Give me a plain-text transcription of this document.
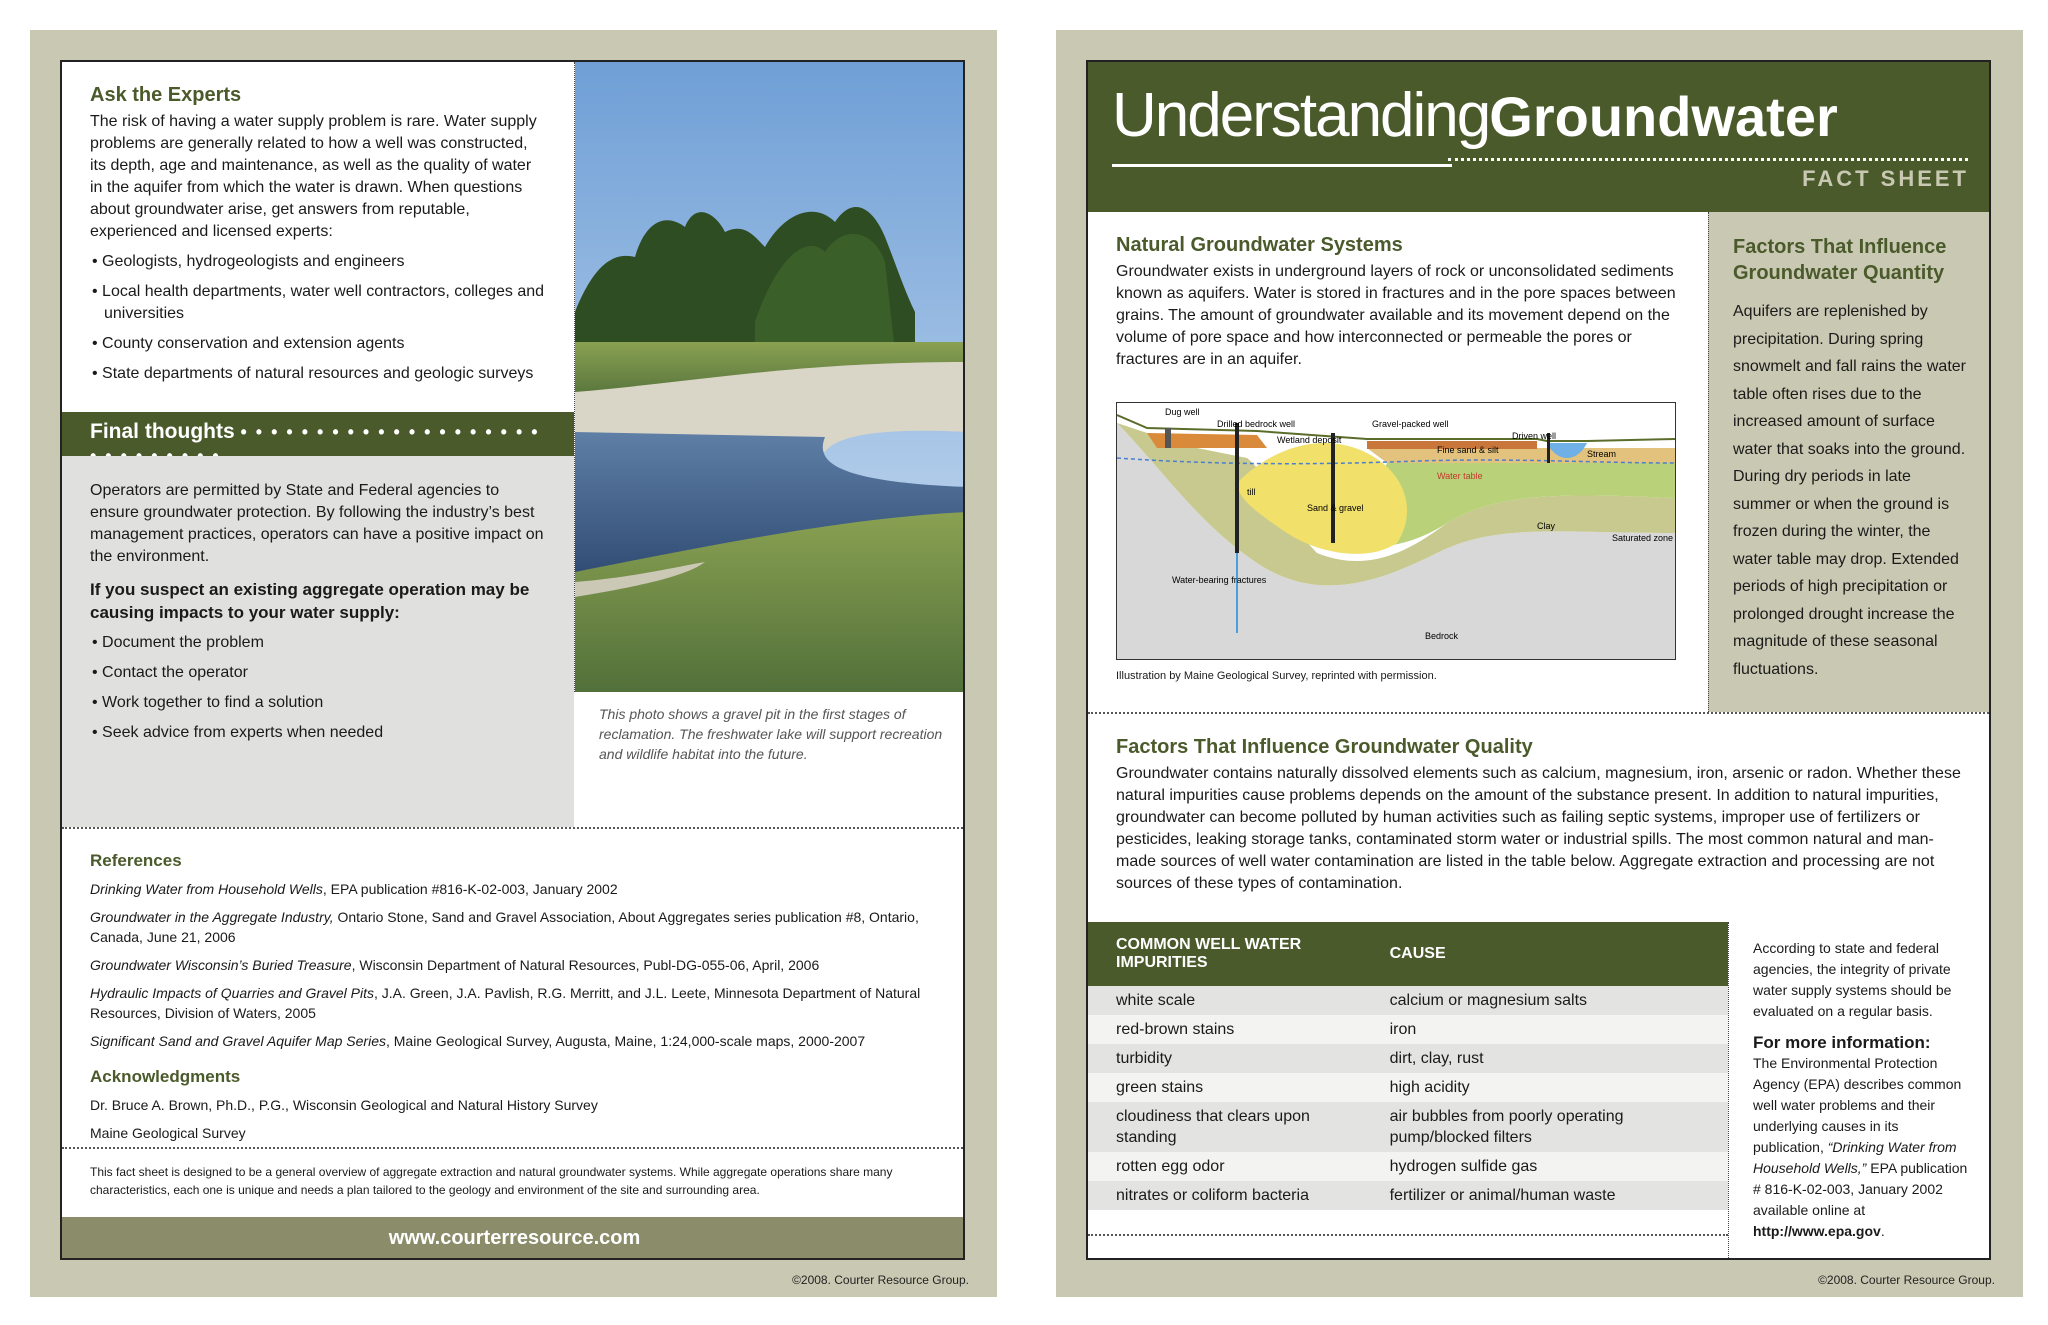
Ask the Experts

The risk of having a water supply problem is rare. Water supply problems are generally related to how a well was constructed, its depth, age and maintenance, as well as the quality of water in the aquifer from which the water is drawn. When questions about groundwater arise, get answers from reputable, experienced and licensed experts:

• Geologists, hydrogeologists and engineers
• Local health departments, water well contractors, colleges and universities
• County conservation and extension agents
• State departments of natural resources and geologic surveys
Final thoughts • • • • • • • • • • • • • • • • • • • •

Operators are permitted by State and Federal agencies to ensure groundwater protection. By following the industry’s best management practices, operators can have a positive impact on the environment.

If you suspect an existing aggregate operation may be causing impacts to your water supply:

• Document the problem
• Contact the operator
• Work together to find a solution
• Seek advice from experts when needed
This photo shows a gravel pit in the first stages of reclamation. The freshwater lake will support recreation and wildlife habitat into the future.
References

Drinking Water from Household Wells, EPA publication #816-K-02-003, January 2002

Groundwater in the Aggregate Industry, Ontario Stone, Sand and Gravel Association, About Aggregates series publication #8, Ontario, Canada, June 21, 2006

Groundwater Wisconsin’s Buried Treasure, Wisconsin Department of Natural Resources, Publ-DG-055-06, April, 2006

Hydraulic Impacts of Quarries and Gravel Pits, J.A. Green, J.A. Pavlish, R.G. Merritt, and J.L. Leete, Minnesota Department of Natural Resources, Division of Waters, 2005

Significant Sand and Gravel Aquifer Map Series, Maine Geological Survey, Augusta, Maine, 1:24,000-scale maps, 2000-2007

Acknowledgments

Dr. Bruce A. Brown, Ph.D., P.G., Wisconsin Geological and Natural History Survey

Maine Geological Survey

This fact sheet is designed to be a general overview of aggregate extraction and natural groundwater systems. While aggregate operations share many characteristics, each one is unique and needs a plan tailored to the geology and environment of the site and surrounding area.
www.courterresource.com
©2008. Courter Resource Group.
UnderstandingGroundwater
FACT SHEET
Natural Groundwater Systems

Groundwater exists in underground layers of rock or unconsolidated sediments known as aquifers. Water is stored in fractures and in the pore spaces between grains. The amount of groundwater available and its movement depend on the volume of pore space and how interconnected or permeable the pores or fractures are in an aquifer.

Dug well
Drilled bedrock well
Wetland deposit
Gravel-packed well
Driven well
Fine sand & silt	Stream
Water table
Sand & gravel
Clay
Saturated zone
Water-bearing fractures
Bedrock
till
Illustration by Maine Geological Survey, reprinted with permission.
Factors That Influence Groundwater Quantity

Aquifers are replenished by precipitation. During spring snowmelt and fall rains the water table often rises due to the increased amount of surface water that soaks into the ground. During dry periods in late summer or when the ground is frozen during the winter, the water table may drop. Extended periods of high precipitation or prolonged drought increase the magnitude of these seasonal fluctuations.

Factors That Influence Groundwater Quality

Groundwater contains naturally dissolved elements such as calcium, magnesium, iron, arsenic or radon. Whether these natural impurities cause problems depends on the amount of the substance present. In addition to natural impurities, groundwater can become polluted by human activities such as failing septic systems, improper use of fertilizers or pesticides, leaking storage tanks, contaminated storm water or industrial spills. The most common natural and man-made sources of well water contamination are listed in the table below. Aggregate extraction and processing are not sources of these types of contamination.

COMMON WELL WATER IMPURITIES	CAUSE
white scale	calcium or magnesium salts
red-brown stains	iron
turbidity	dirt, clay, rust
green stains	high acidity
cloudiness that clears upon standing	air bubbles from poorly operating pump/blocked filters
rotten egg odor	hydrogen sulfide gas
nitrates or coliform bacteria	fertilizer or animal/human waste

According to state and federal agencies, the integrity of private water supply systems should be evaluated on a regular basis.

For more information:

The Environmental Protection Agency (EPA) describes common well water problems and their underlying causes in its publication, “Drinking Water from Household Wells,” EPA publication # 816-K-02-003, January 2002 available online at http://www.epa.gov.

©2008. Courter Resource Group.
